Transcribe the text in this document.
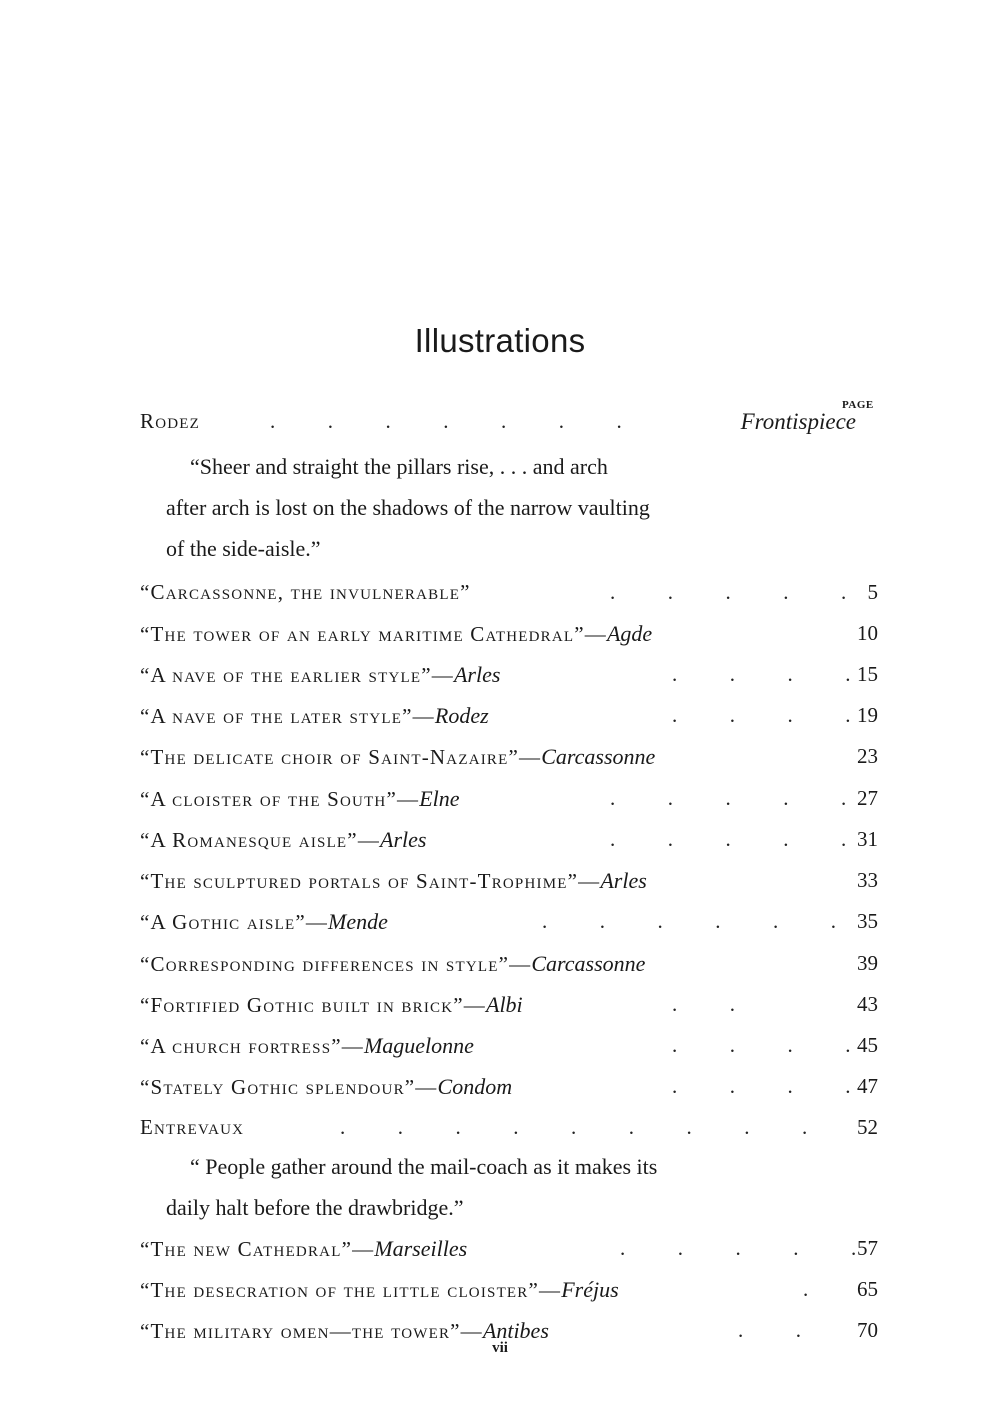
Illustrations
PAGE
Rodez	.          .          .          .          .          .          .	Frontispiece
“Sheer and straight the pillars rise, . . . and arch
after arch is lost on the shadows of the narrow vaulting
of the side-aisle.”
“Carcassonne, the invulnerable”	.          .          .          .          . 5
“The tower of an early maritime Cathedral”—Agde	10
“A nave of the earlier style”—Arles	.          .          .          . 15
“A nave of the later style”—Rodez	.          .          .          . 19
“The delicate choir of Saint-Nazaire”—Carcassonne	23
“A cloister of the South”—Elne	.          .          .          .          . 27
“A Romanesque aisle”—Arles	.          .          .          .          . 31
“The sculptured portals of Saint-Trophime”—Arles	33
“A Gothic aisle”—Mende	.          .          .          .          .          . 35
“Corresponding differences in style”—Carcassonne	39
“Fortified Gothic built in brick”—Albi	.          .	43
“A church fortress”—Maguelonne	.          .          .          . 45
“Stately Gothic splendour”—Condom	.          .          .          . 47
Entrevaux	.          .          .          .          .          .          .          .          . 52
“ People gather around the mail-coach as it makes its
daily halt before the drawbridge.”
“The new Cathedral”—Marseilles	.          .          .          .          . 57
“The desecration of the little cloister”—Fréjus	. 65
“The military omen—the tower”—Antibes	.          .	70
vii
